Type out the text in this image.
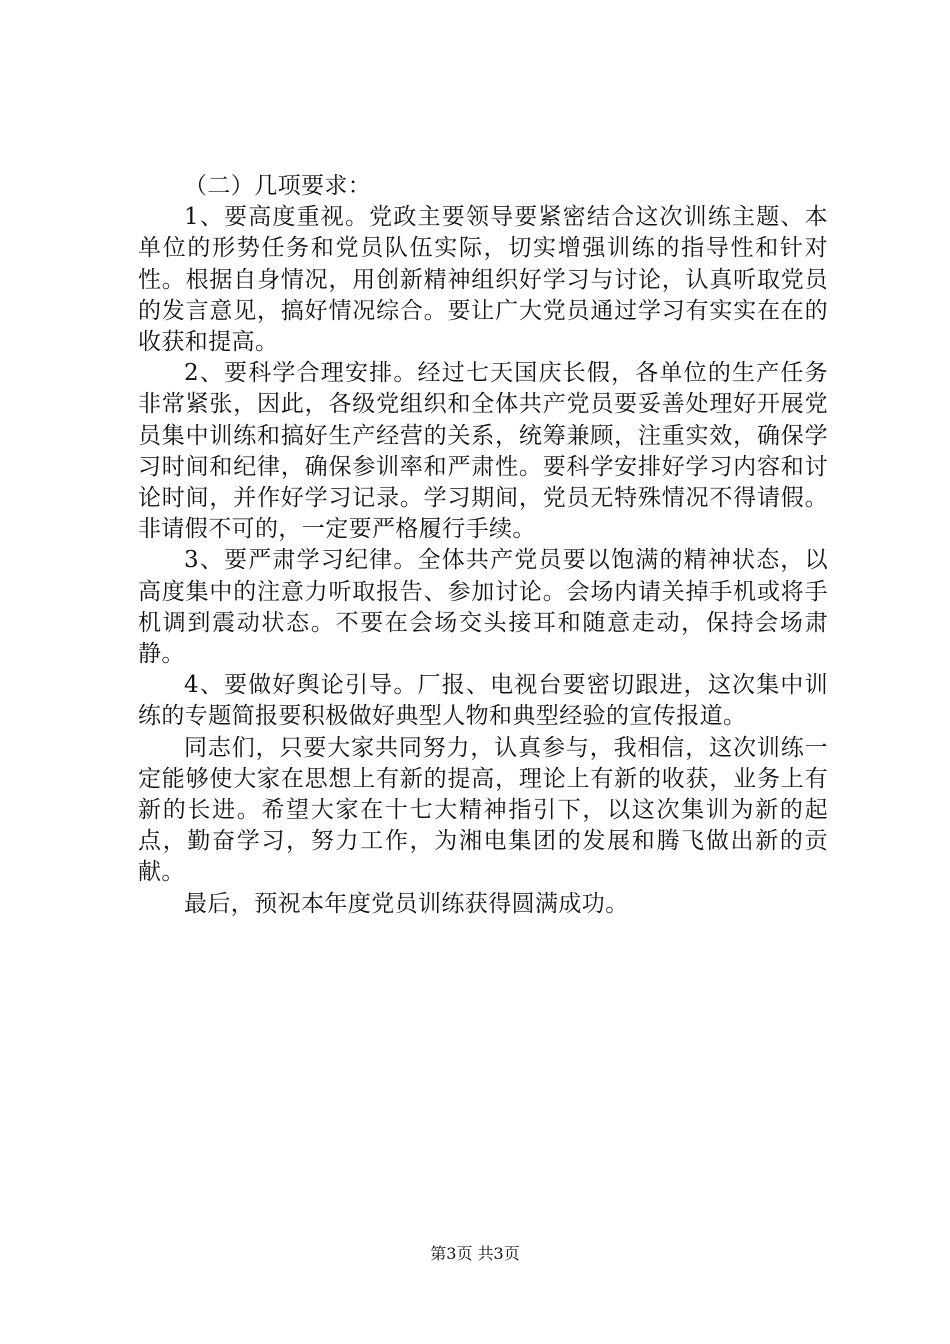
（二）几项要求：

1、要高度重视。党政主要领导要紧密结合这次训练主题、本单位的形势任务和党员队伍实际，切实增强训练的指导性和针对性。根据自身情况，用创新精神组织好学习与讨论，认真听取党员的发言意见，搞好情况综合。要让广大党员通过学习有实实在在的收获和提高。

2、要科学合理安排。经过七天国庆长假，各单位的生产任务非常紧张，因此，各级党组织和全体共产党员要妥善处理好开展党员集中训练和搞好生产经营的关系，统筹兼顾，注重实效，确保学习时间和纪律，确保参训率和严肃性。要科学安排好学习内容和讨论时间，并作好学习记录。学习期间，党员无特殊情况不得请假。非请假不可的，一定要严格履行手续。

3、要严肃学习纪律。全体共产党员要以饱满的精神状态，以高度集中的注意力听取报告、参加讨论。会场内请关掉手机或将手机调到震动状态。不要在会场交头接耳和随意走动，保持会场肃静。

4、要做好舆论引导。厂报、电视台要密切跟进，这次集中训练的专题简报要积极做好典型人物和典型经验的宣传报道。

同志们，只要大家共同努力，认真参与，我相信，这次训练一定能够使大家在思想上有新的提高，理论上有新的收获，业务上有新的长进。希望大家在十七大精神指引下，以这次集训为新的起点，勤奋学习，努力工作，为湘电集团的发展和腾飞做出新的贡献。

最后，预祝本年度党员训练获得圆满成功。

第3页 共3页
